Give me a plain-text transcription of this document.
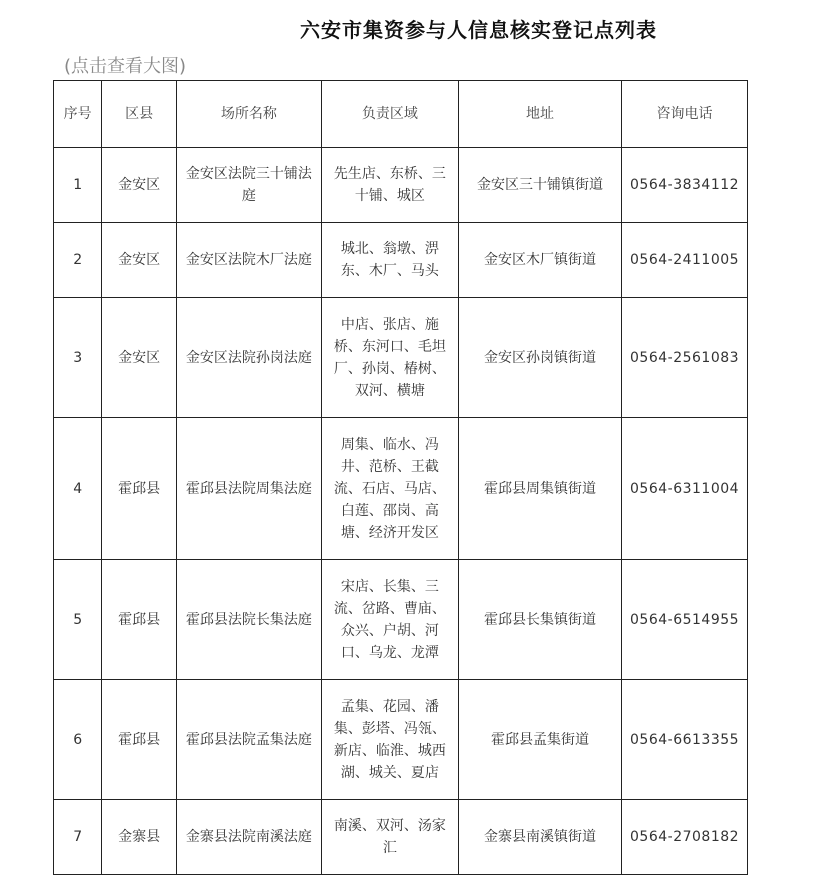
六安市集资参与人信息核实登记点列表
(点击查看大图)
序号	区县	场所名称	负责区域	地址	咨询电话
1	金安区	金安区法院三十铺法庭	先生店、东桥、三十铺、城区	金安区三十铺镇街道	0564-3834112
2	金安区	金安区法院木厂法庭	城北、翁墩、淠东、木厂、马头	金安区木厂镇街道	0564-2411005
3	金安区	金安区法院孙岗法庭	中店、张店、施桥、东河口、毛坦厂、孙岗、椿树、双河、横塘	金安区孙岗镇街道	0564-2561083
4	霍邱县	霍邱县法院周集法庭	周集、临水、冯井、范桥、王截流、石店、马店、白莲、邵岗、高塘、经济开发区	霍邱县周集镇街道	0564-6311004
5	霍邱县	霍邱县法院长集法庭	宋店、长集、三流、岔路、曹庙、众兴、户胡、河口、乌龙、龙潭	霍邱县长集镇街道	0564-6514955
6	霍邱县	霍邱县法院孟集法庭	孟集、花园、潘集、彭塔、冯瓴、新店、临淮、城西湖、城关、夏店	霍邱县孟集街道	0564-6613355
7	金寨县	金寨县法院南溪法庭	南溪、双河、汤家汇	金寨县南溪镇街道	0564-2708182
